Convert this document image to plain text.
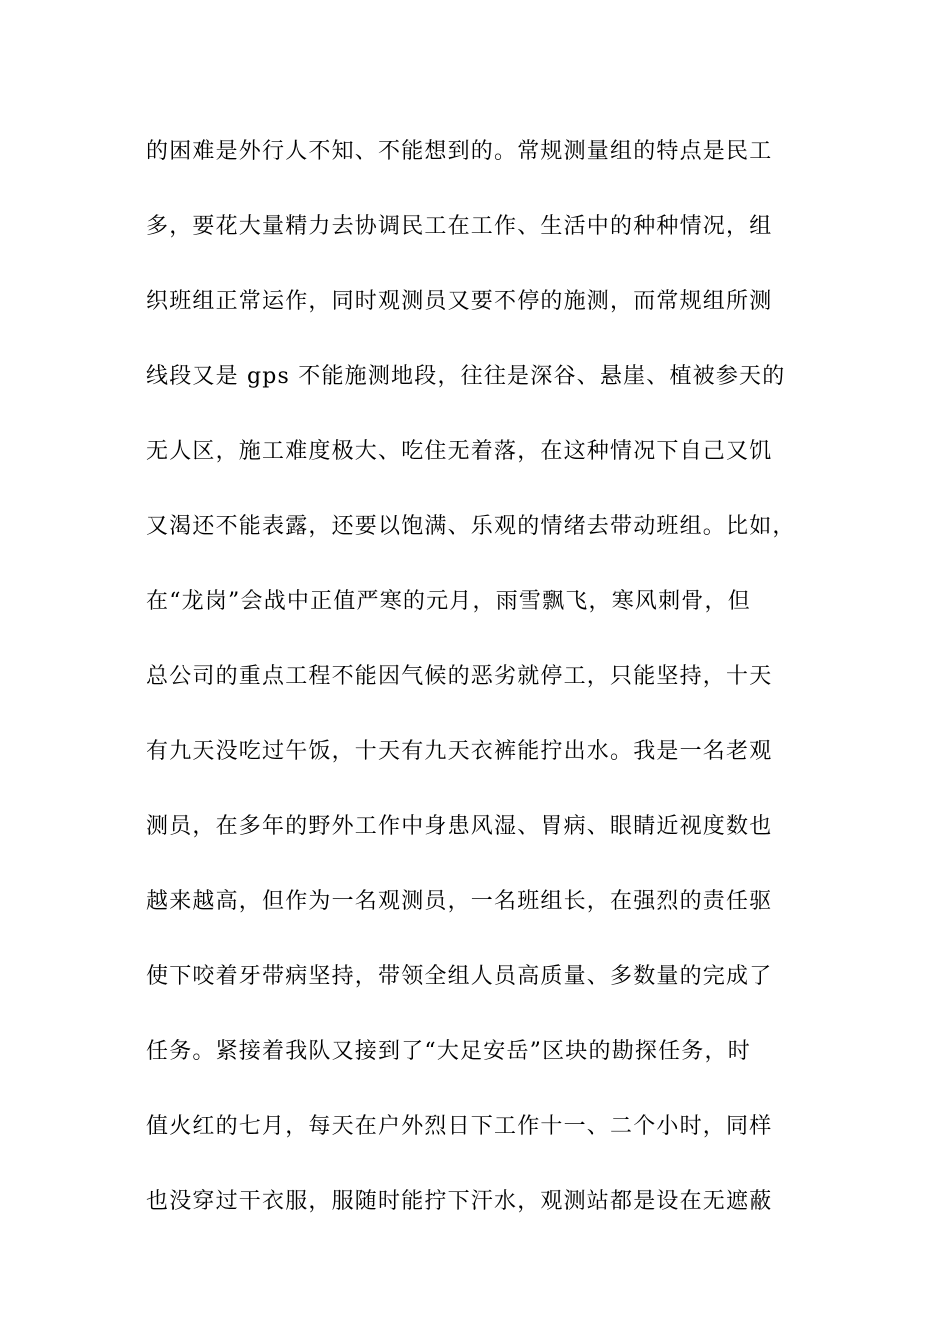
的困难是外行人不知、不能想到的。常规测量组的特点是民工
多，要花大量精力去协调民工在工作、生活中的种种情况，组
织班组正常运作，同时观测员又要不停的施测，而常规组所测
线段又是 gps 不能施测地段，往往是深谷、悬崖、植被参天的
无人区，施工难度极大、吃住无着落，在这种情况下自己又饥
又渴还不能表露，还要以饱满、乐观的情绪去带动班组。比如，
在“龙岗”会战中正值严寒的元月，雨雪飘飞，寒风刺骨，但
总公司的重点工程不能因气候的恶劣就停工，只能坚持，十天
有九天没吃过午饭，十天有九天衣裤能拧出水。我是一名老观
测员，在多年的野外工作中身患风湿、胃病、眼睛近视度数也
越来越高，但作为一名观测员，一名班组长，在强烈的责任驱
使下咬着牙带病坚持，带领全组人员高质量、多数量的完成了
任务。紧接着我队又接到了“大足安岳”区块的勘探任务，时
值火红的七月，每天在户外烈日下工作十一、二个小时，同样
也没穿过干衣服，服随时能拧下汗水，观测站都是设在无遮蔽
